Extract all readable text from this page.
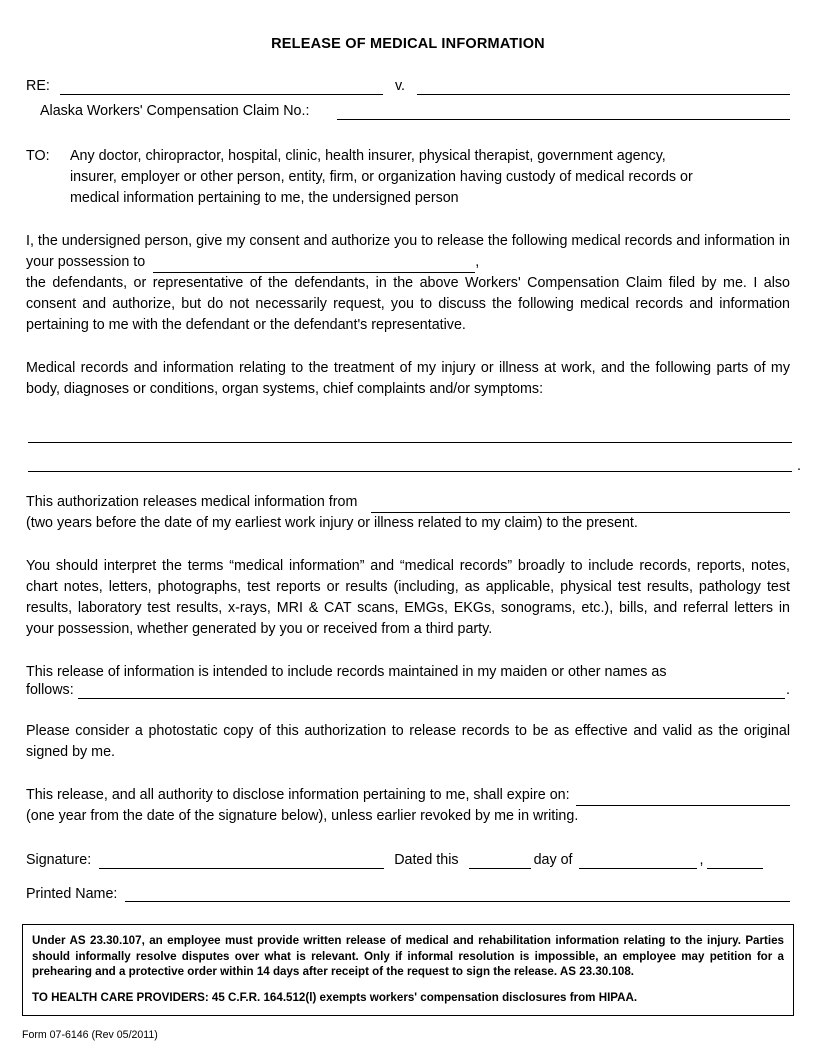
RELEASE OF MEDICAL INFORMATION
RE:	v.
Alaska Workers' Compensation Claim No.:
TO:	Any doctor, chiropractor, hospital, clinic, health insurer, physical therapist, government agency,
insurer, employer or other person, entity, firm, or organization having custody of medical records or
medical information pertaining to me, the undersigned person
I, the undersigned person, give my consent and authorize you to release the following medical records and information in your possession to	,
the defendants, or representative of the defendants, in the above Workers' Compensation Claim filed by me. I also consent and authorize, but do not necessarily request, you to discuss the following medical records and information pertaining to me with the defendant or the defendant's representative.
Medical records and information relating to the treatment of my injury or illness at work, and the following parts of my body, diagnoses or conditions, organ systems, chief complaints and/or symptoms:
.
This authorization releases medical information from
(two years before the date of my earliest work injury or illness related to my claim) to the present.
You should interpret the terms “medical information” and “medical records” broadly to include records, reports, notes, chart notes, letters, photographs, test reports or results (including, as applicable, physical test results, pathology test results, laboratory test results, x-rays, MRI & CAT scans, EMGs, EKGs, sonograms, etc.), bills, and referral letters in your possession, whether generated by you or received from a third party.
This release of information is intended to include records maintained in my maiden or other names as
follows:	.
Please consider a photostatic copy of this authorization to release records to be as effective and valid as the original signed by me.
This release, and all authority to disclose information pertaining to me, shall expire on:
(one year from the date of the signature below), unless earlier revoked by me in writing.
Signature:	Dated this	day of	,
Printed Name:

Under AS 23.30.107, an employee must provide written release of medical and rehabilitation information relating to the injury. Parties should informally resolve disputes over what is relevant. Only if informal resolution is impossible, an employee may petition for a prehearing and a protective order within 14 days after receipt of the request to sign the release. AS 23.30.108.

TO HEALTH CARE PROVIDERS: 45 C.F.R. 164.512(l) exempts workers' compensation disclosures from HIPAA.

Form 07-6146 (Rev 05/2011)
